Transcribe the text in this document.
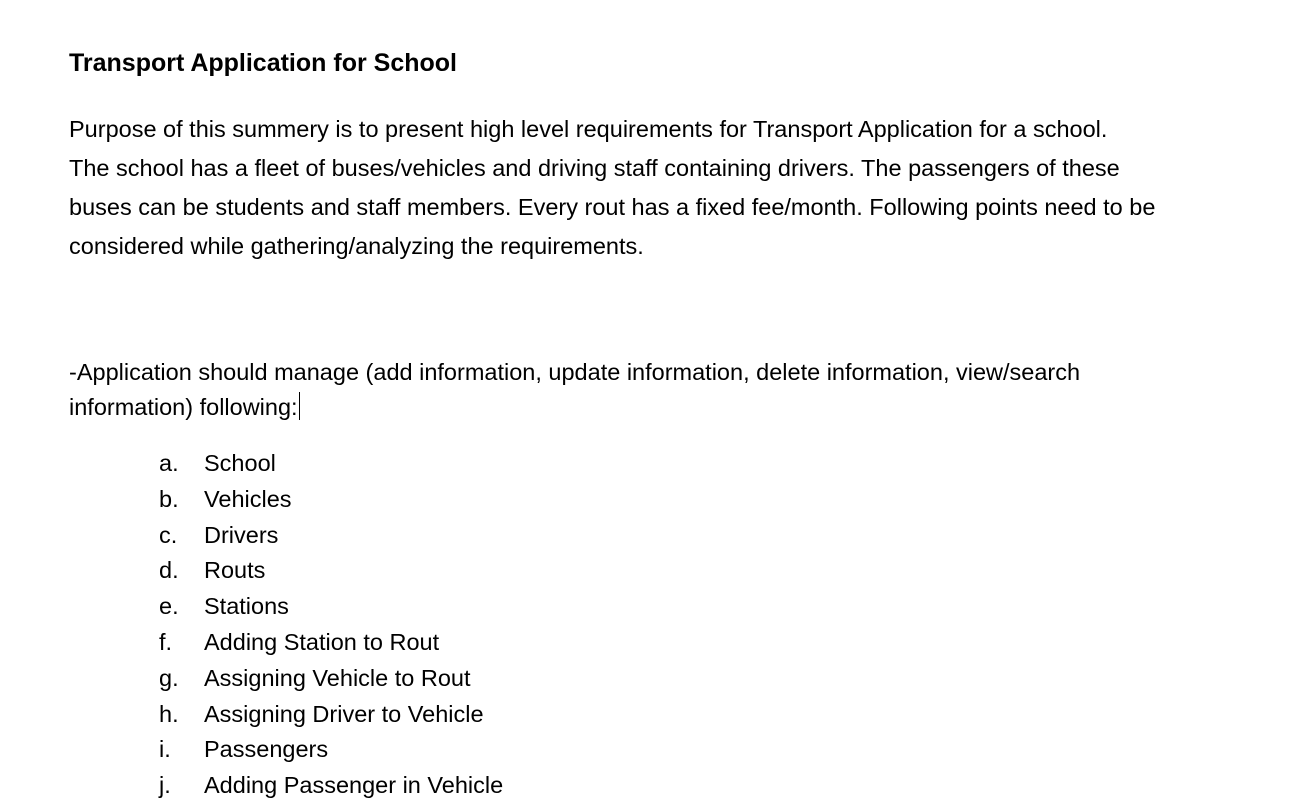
Transport Application for School

Purpose of this summery is to present high level requirements for Transport Application for a school.
The school has a fleet of buses/vehicles and driving staff containing drivers. The passengers of these
buses can be students and staff members. Every rout has a fixed fee/month. Following points need to be
considered while gathering/analyzing the requirements.

-Application should manage (add information, update information, delete information, view/search
information) following:

a. School
b. Vehicles
c. Drivers
d. Routs
e. Stations
f. Adding Station to Rout
g. Assigning Vehicle to Rout
h. Assigning Driver to Vehicle
i. Passengers
j. Adding Passenger in Vehicle
